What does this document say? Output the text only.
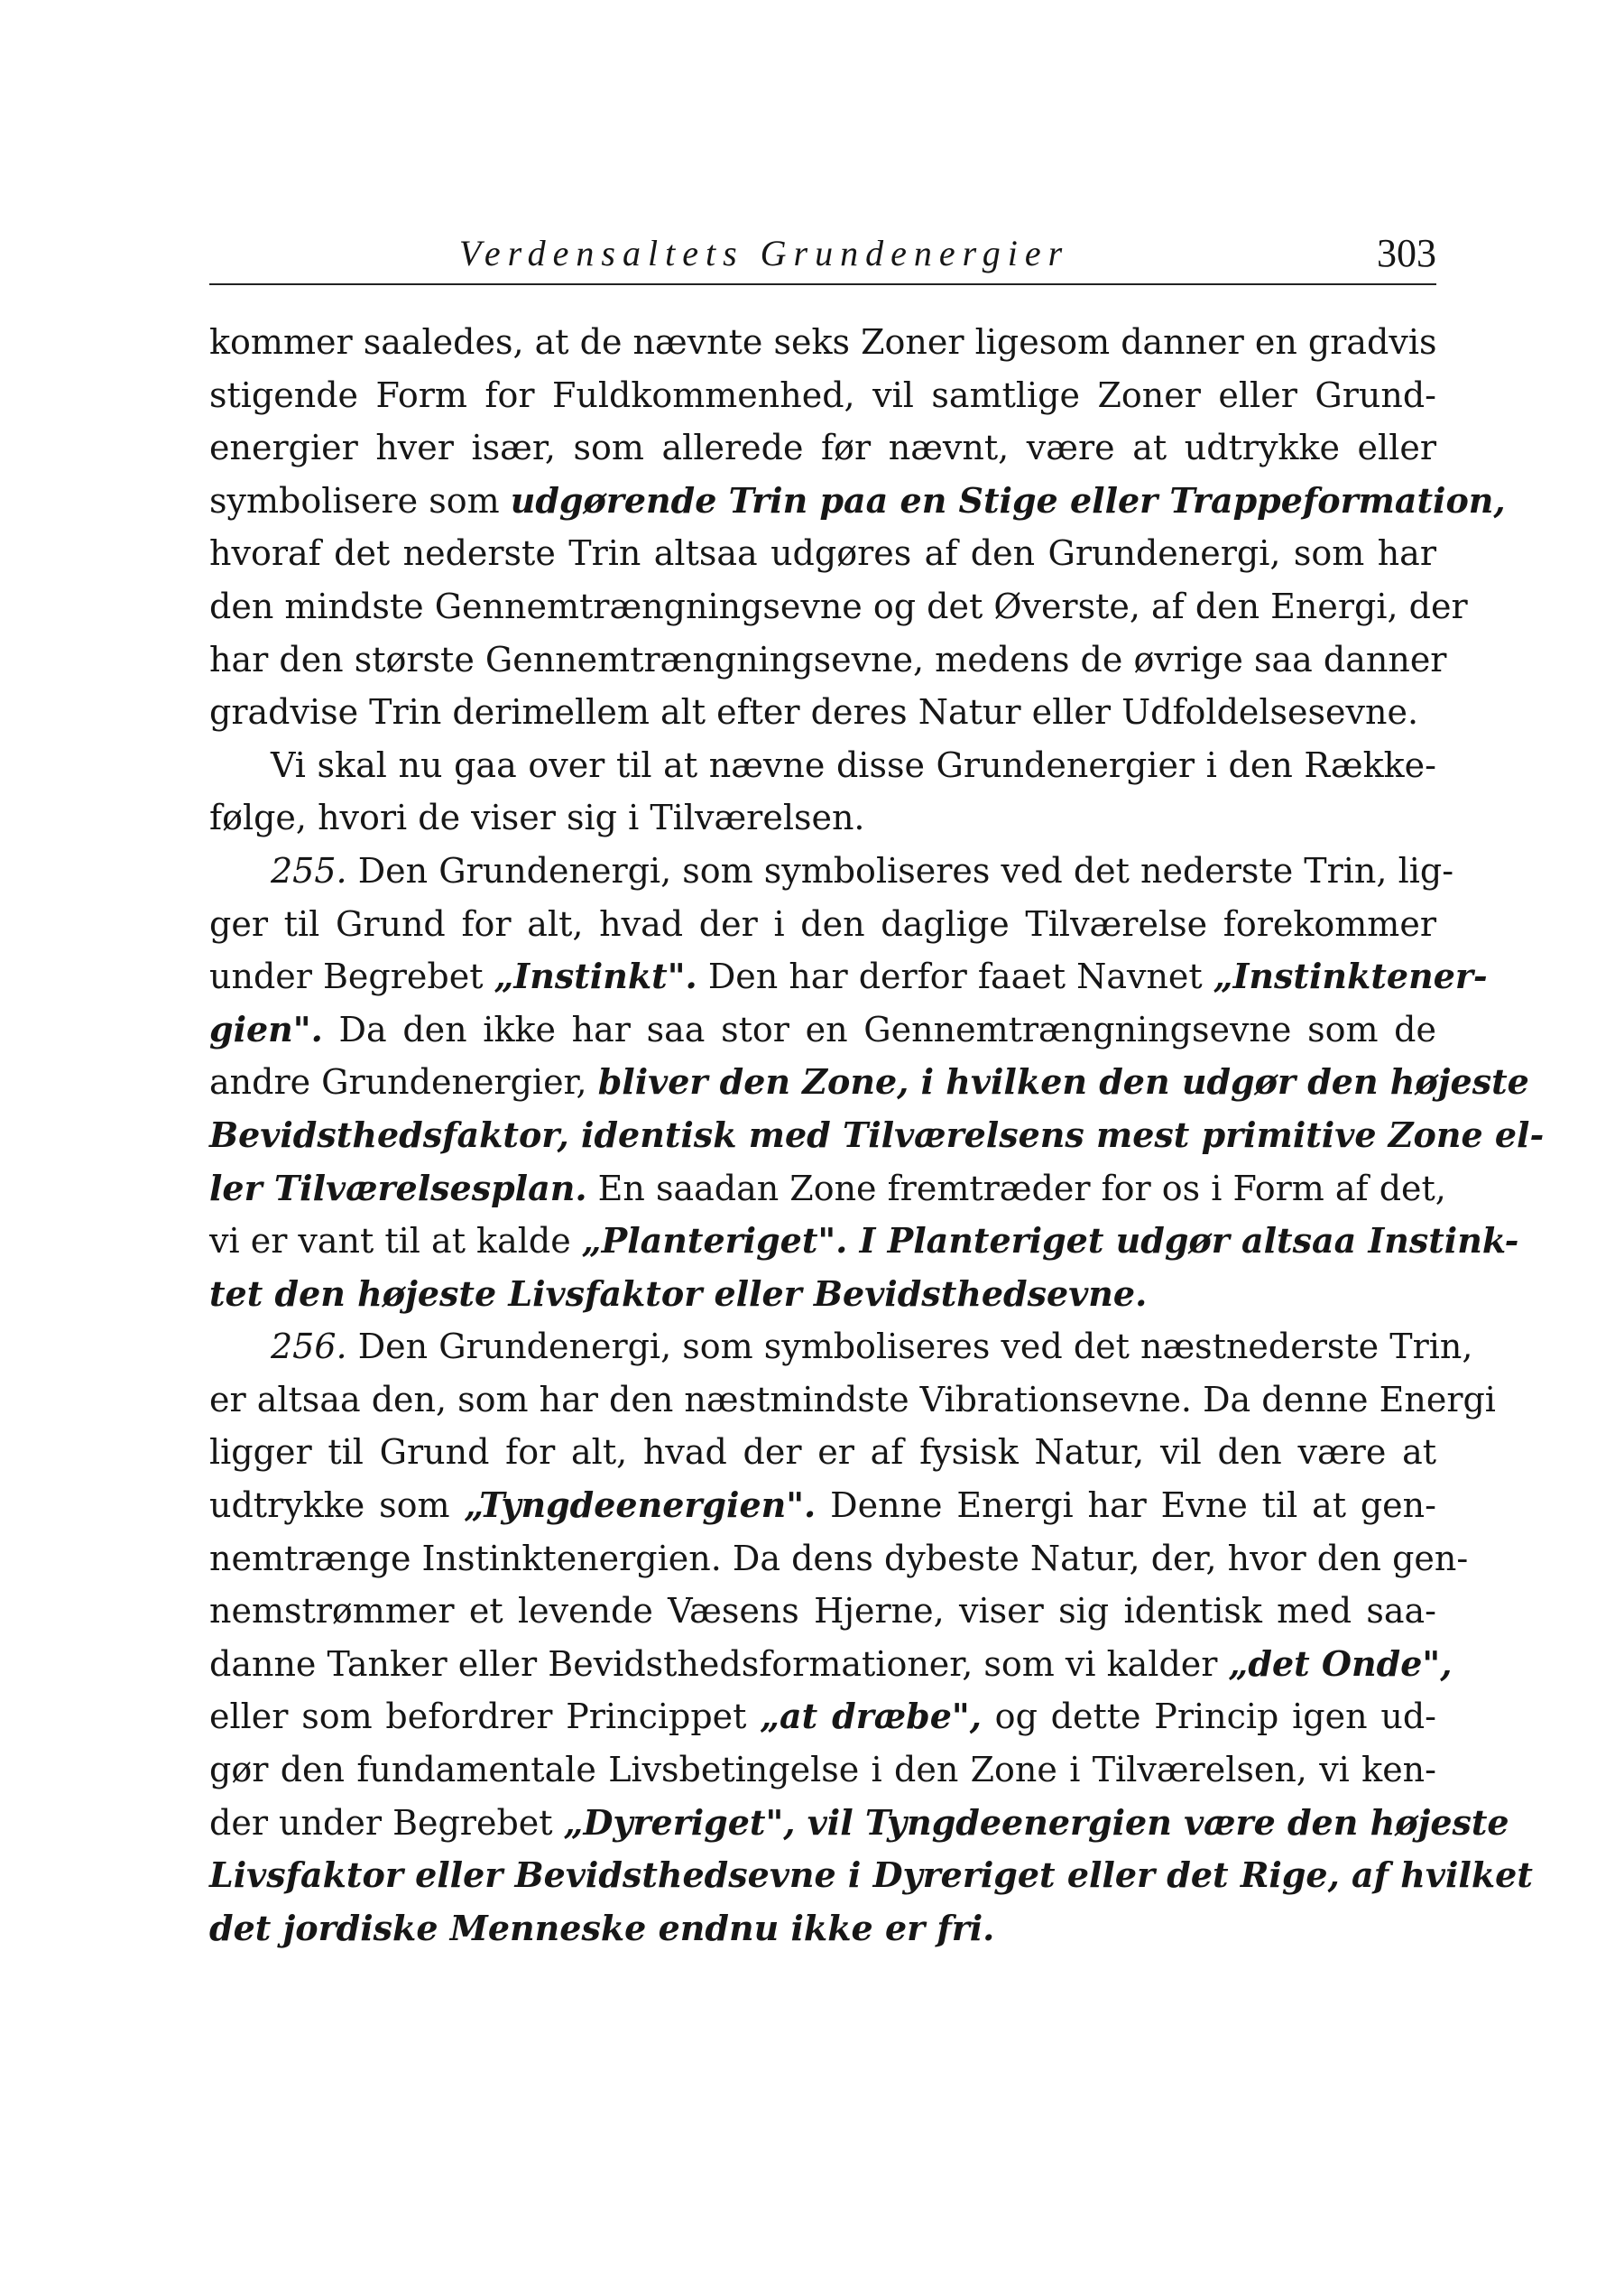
Verdensaltets Grundenergier	303
kommer saaledes, at de nævnte seks Zoner ligesom danner en gradvis
stigende Form for Fuldkommenhed, vil samtlige Zoner eller Grund-
energier hver især, som allerede før nævnt, være at udtrykke eller
symbolisere som udgørende Trin paa en Stige eller Trappeformation,
hvoraf det nederste Trin altsaa udgøres af den Grundenergi, som har
den mindste Gennemtrængningsevne og det Øverste, af den Energi, der
har den største Gennemtrængningsevne, medens de øvrige saa danner
gradvise Trin derimellem alt efter deres Natur eller Udfoldelsesevne.
Vi skal nu gaa over til at nævne disse Grundenergier i den Række-
følge, hvori de viser sig i Tilværelsen.
255. Den Grundenergi, som symboliseres ved det nederste Trin, lig-
ger til Grund for alt, hvad der i den daglige Tilværelse forekommer
under Begrebet „Instinkt". Den har derfor faaet Navnet „Instinktener-
gien". Da den ikke har saa stor en Gennemtrængningsevne som de
andre Grundenergier, bliver den Zone, i hvilken den udgør den højeste
Bevidsthedsfaktor, identisk med Tilværelsens mest primitive Zone el-
ler Tilværelsesplan. En saadan Zone fremtræder for os i Form af det,
vi er vant til at kalde „Planteriget". I Planteriget udgør altsaa Instink-
tet den højeste Livsfaktor eller Bevidsthedsevne.
256. Den Grundenergi, som symboliseres ved det næstnederste Trin,
er altsaa den, som har den næstmindste Vibrationsevne. Da denne Energi
ligger til Grund for alt, hvad der er af fysisk Natur, vil den være at
udtrykke som „Tyngdeenergien". Denne Energi har Evne til at gen-
nemtrænge Instinktenergien. Da dens dybeste Natur, der, hvor den gen-
nemstrømmer et levende Væsens Hjerne, viser sig identisk med saa-
danne Tanker eller Bevidsthedsformationer, som vi kalder „det Onde",
eller som befordrer Princippet „at dræbe", og dette Princip igen ud-
gør den fundamentale Livsbetingelse i den Zone i Tilværelsen, vi ken-
der under Begrebet „Dyreriget", vil Tyngdeenergien være den højeste
Livsfaktor eller Bevidsthedsevne i Dyreriget eller det Rige, af hvilket
det jordiske Menneske endnu ikke er fri.
